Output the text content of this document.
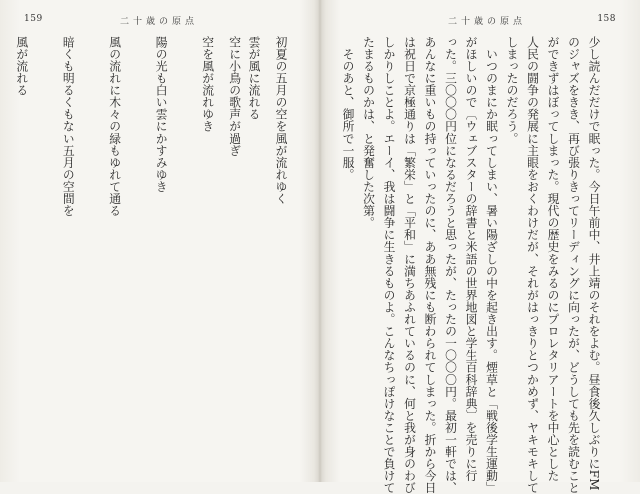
159	二十歳の原点	二十歳の原点	158
少し読んだだけで眠った。今日午前中、井上靖のそれをよむ。昼食後久しぶりにFM
のジャズをきき、再び張りきってリーディングに向ったが、どうしても先を読むこと
ができずはぼってしまった。現代の歴史をみるのにプロレタリアートを中心とした
人民の闘争の発展に主眼をおくわけだが、それがはっきりとつかめず、ヤキモキして
しまったのだろう。
　いつのまにか眠ってしまい、暑い陽ざしの中を起き出す。煙草と「戦後学生運動」
がほしいので〔ウェブスターの辞書と米語の世界地図と学生百科辞典〕を売りに行
った。三〇〇〇円位になるだろうと思ったが、たったの一〇〇〇円。最初一軒では、
あんなに重いもの持っていったのに、ああ無残にも断わられてしまった。折から今日
は祝日で京極通りは「繁栄」と「平和」に満ちあふれているのに、何と我が身のわび
しかりしことよ。エーイ、我は闘争に生きるものよ。こんなちっぽけなことで負けて
たまるものかは、と発奮した次第。
　そのあと、御所で一服。
初夏の五月の空を風が流れゆく
空に小鳥の歌声が過ぎ 雲が風に流れる
空を風が流れゆき
陽の光も白い雲にかすみゆき
風の流れに木々の緑もゆれて通る
暗くも明るくもない五月の空間を
風が流れる
